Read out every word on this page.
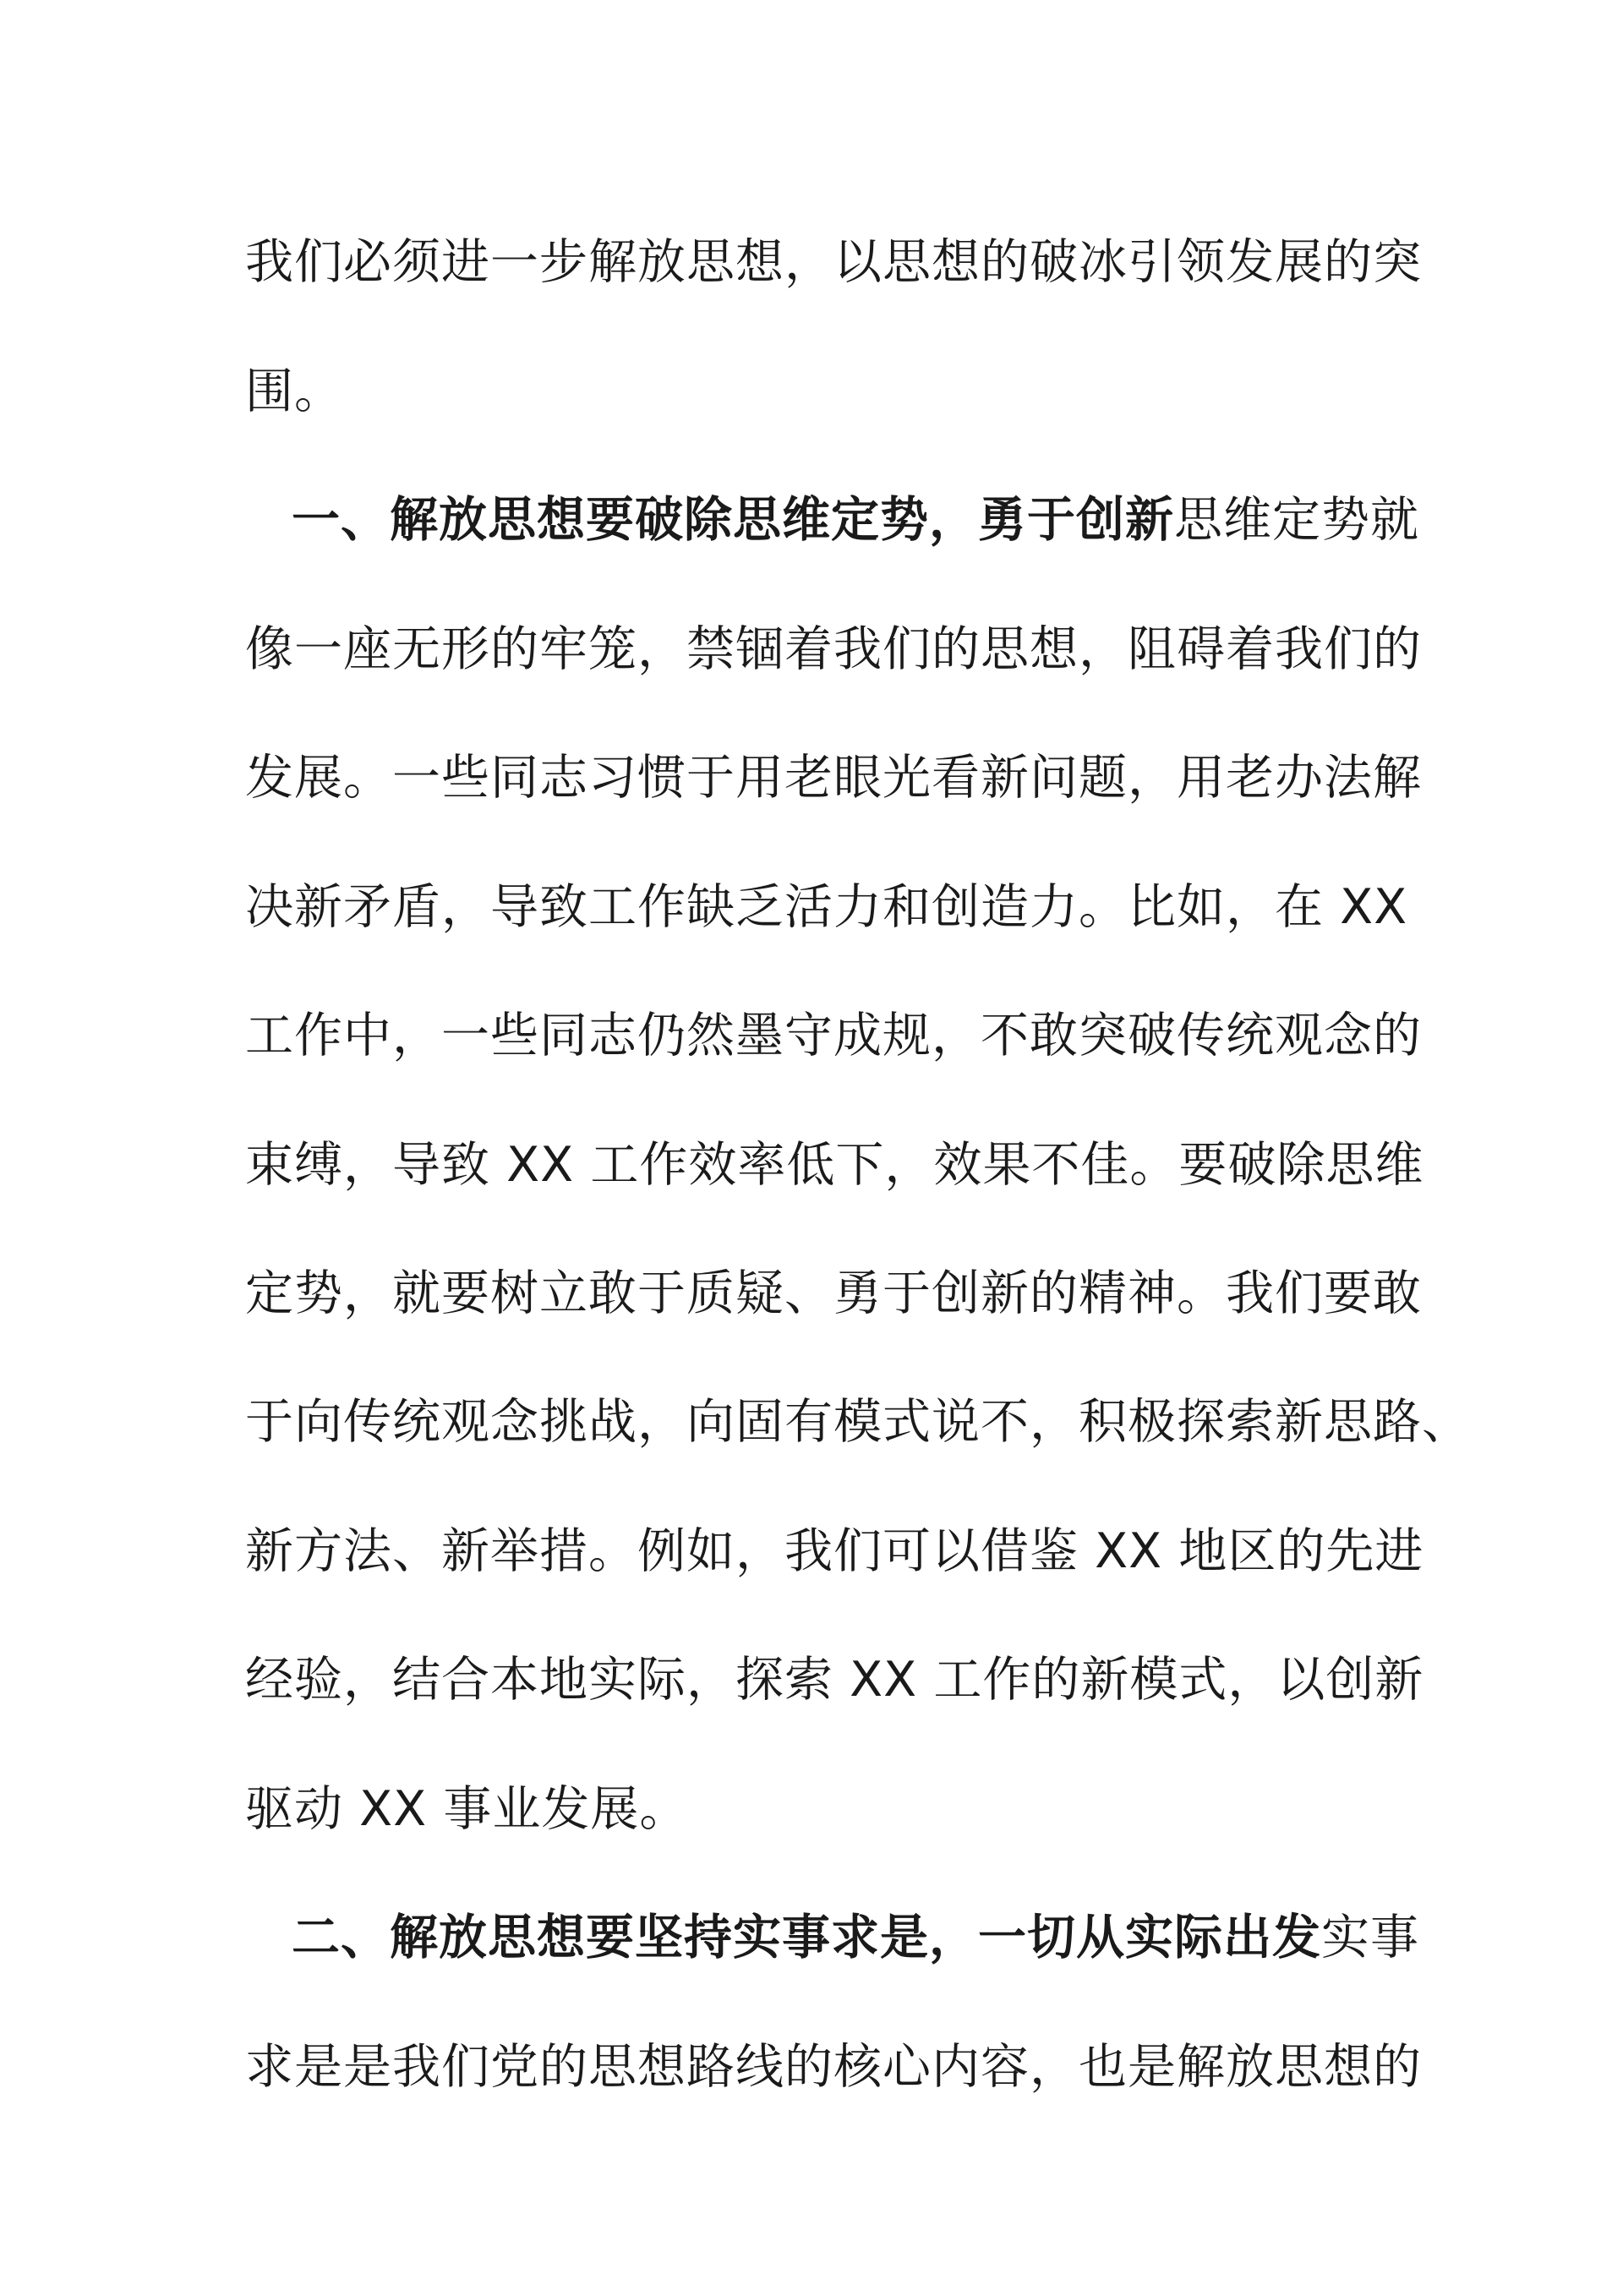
我们必须进一步解放思想，以思想的破冰引领发展的突
围。
一、解放思想要破除思维定势，勇于创新思维定势就
像一座无形的牢笼，禁锢着我们的思想，阻碍着我们的
发展。一些同志习惯于用老眼光看新问题，用老办法解
决新矛盾，导致工作缺乏活力和创造力。比如，在 XX
工作中，一些同志仍然墨守成规，不敢突破传统观念的
束缚，导致 XX 工作效率低下，效果不佳。要破除思维
定势，就要树立敢于质疑、勇于创新的精神。我们要敢
于向传统观念挑战，向固有模式说不，积极探索新思路、
新方法、新举措。例如，我们可以借鉴 XX 地区的先进
经验，结合本地实际，探索 XX 工作的新模式，以创新
驱动 XX 事业发展。
二、解放思想要坚持实事求是，一切从实际出发实事
求是是我们党的思想路线的核心内容，也是解放思想的
